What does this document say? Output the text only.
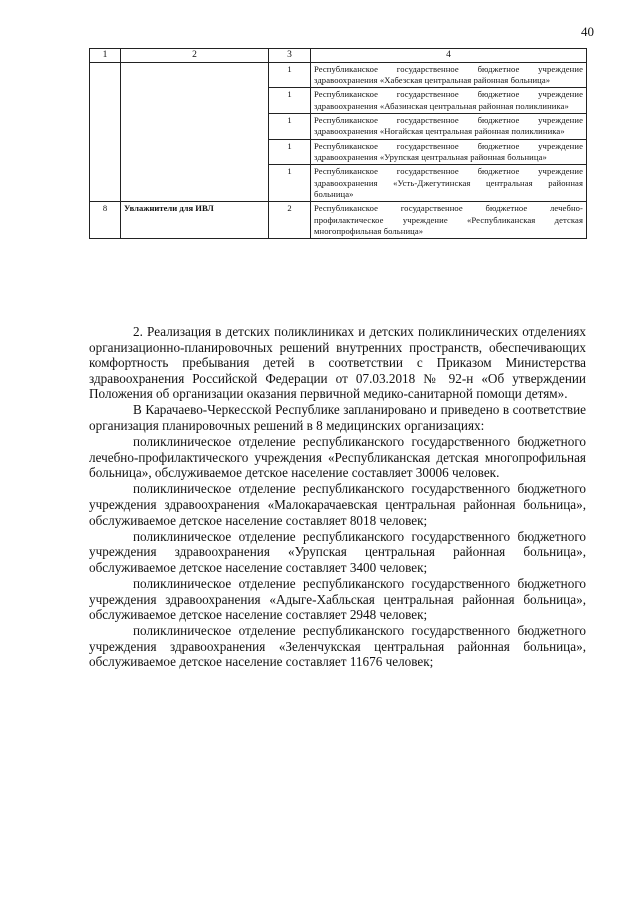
40
1	2	3	4
		1	Республиканское государственное бюджетное учреждение здравоохранения «Хабезская центральная районная больница»
		1	Республиканское государственное бюджетное учреждение здравоохранения «Абазинская центральная районная поликлиника»
		1	Республиканское государственное бюджетное учреждение здравоохранения «Ногайская центральная районная поликлиника»
		1	Республиканское государственное бюджетное учреждение здравоохранения «Урупская центральная районная больница»
		1	Республиканское государственное бюджетное учреждение здравоохранения «Усть-Джегутинская центральная районная больница»
8	Увлажнители для ИВЛ	2	Республиканское государственное бюджетное лечебно-профилактическое учреждение «Республиканская детская многопрофильная больница»

2. Реализация в детских поликлиниках и детских поликлинических отделениях организационно-планировочных решений внутренних пространств, обеспечивающих комфортность пребывания детей в соответствии с Приказом Министерства здравоохранения Российской Федерации от 07.03.2018 № 92-н «Об утверждении Положения об организации оказания первичной медико-санитарной помощи детям».

В Карачаево-Черкесской Республике запланировано и приведено в соответствие организация планировочных решений в 8 медицинских организациях:

поликлиническое отделение республиканского государственного бюджетного лечебно-профилактического учреждения «Республиканская детская многопрофильная больница», обслуживаемое детское население составляет 30006 человек.

поликлиническое отделение республиканского государственного бюджетного учреждения здравоохранения «Малокарачаевская центральная районная больница», обслуживаемое детское население составляет 8018 человек;

поликлиническое отделение республиканского государственного бюджетного учреждения здравоохранения «Урупская центральная районная больница», обслуживаемое детское население составляет 3400 человек;

поликлиническое отделение республиканского государственного бюджетного учреждения здравоохранения «Адыге-Хабльская центральная районная больница», обслуживаемое детское население составляет 2948 человек;

поликлиническое отделение республиканского государственного бюджетного учреждения здравоохранения «Зеленчукская центральная районная больница», обслуживаемое детское население составляет 11676 человек;
